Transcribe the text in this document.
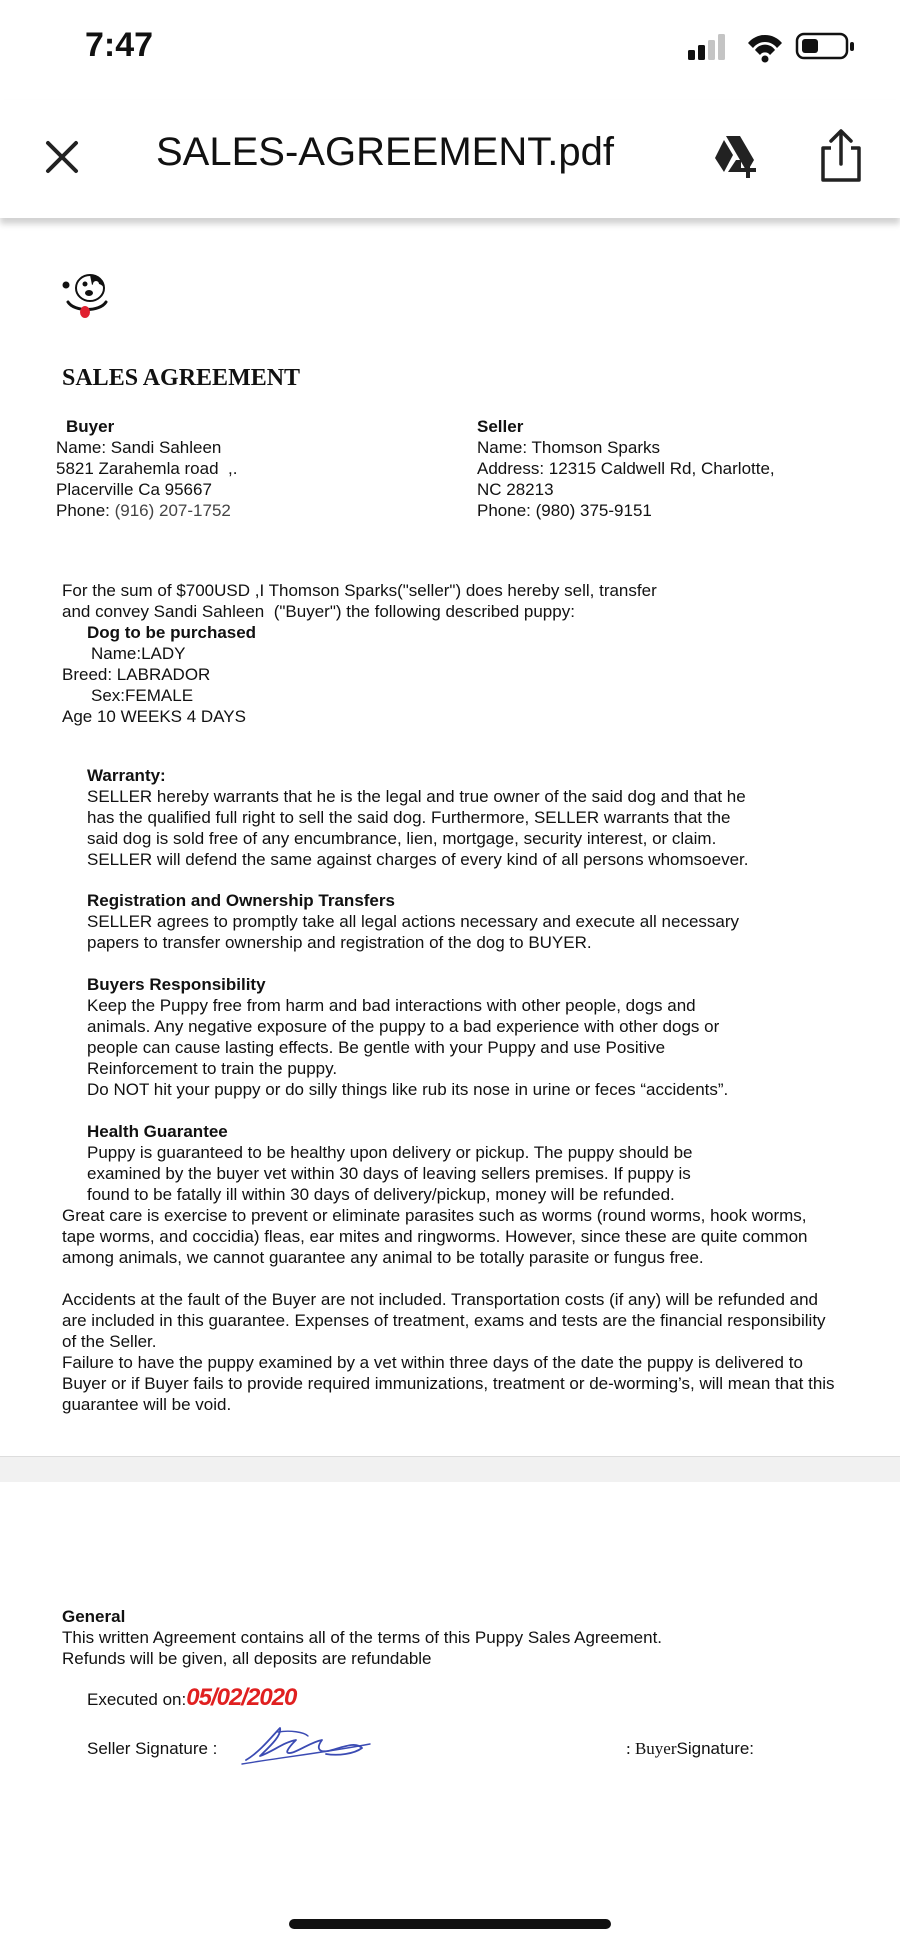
7:47
SALES-AGREEMENT.pdf
SALES AGREEMENT
Buyer
Name: Sandi Sahleen
5821 Zarahemla road  ,.
Placerville Ca 95667
Phone: (916) 207-1752
Seller
Name: Thomson Sparks
Address: 12315 Caldwell Rd, Charlotte,
NC 28213
Phone: (980) 375-9151
For the sum of $700USD ,I Thomson Sparks("seller") does hereby sell, transfer
and convey Sandi Sahleen  ("Buyer") the following described puppy:
Dog to be purchased
Name:LADY
Breed: LABRADOR
Sex:FEMALE
Age 10 WEEKS 4 DAYS
Warranty:
SELLER hereby warrants that he is the legal and true owner of the said dog and that he
has the qualified full right to sell the said dog. Furthermore, SELLER warrants that the
said dog is sold free of any encumbrance, lien, mortgage, security interest, or claim.
SELLER will defend the same against charges of every kind of all persons whomsoever.
Registration and Ownership Transfers
SELLER agrees to promptly take all legal actions necessary and execute all necessary
papers to transfer ownership and registration of the dog to BUYER.
Buyers Responsibility
Keep the Puppy free from harm and bad interactions with other people, dogs and
animals. Any negative exposure of the puppy to a bad experience with other dogs or
people can cause lasting effects. Be gentle with your Puppy and use Positive
Reinforcement to train the puppy.
Do NOT hit your puppy or do silly things like rub its nose in urine or feces “accidents”.
Health Guarantee
Puppy is guaranteed to be healthy upon delivery or pickup. The puppy should be
examined by the buyer vet within 30 days of leaving sellers premises. If puppy is
found to be fatally ill within 30 days of delivery/pickup, money will be refunded.
Great care is exercise to prevent or eliminate parasites such as worms (round worms, hook worms,
tape worms, and coccidia) fleas, ear mites and ringworms. However, since these are quite common
among animals, we cannot guarantee any animal to be totally parasite or fungus free.
Accidents at the fault of the Buyer are not included. Transportation costs (if any) will be refunded and
are included in this guarantee. Expenses of treatment, exams and tests are the financial responsibility
of the Seller.
Failure to have the puppy examined by a vet within three days of the date the puppy is delivered to
Buyer or if Buyer fails to provide required immunizations, treatment or de-worming’s, will mean that this
guarantee will be void.
General
This written Agreement contains all of the terms of this Puppy Sales Agreement.
Refunds will be given, all deposits are refundable
Executed on:05/02/2020
Seller Signature :	: BuyerSignature:
